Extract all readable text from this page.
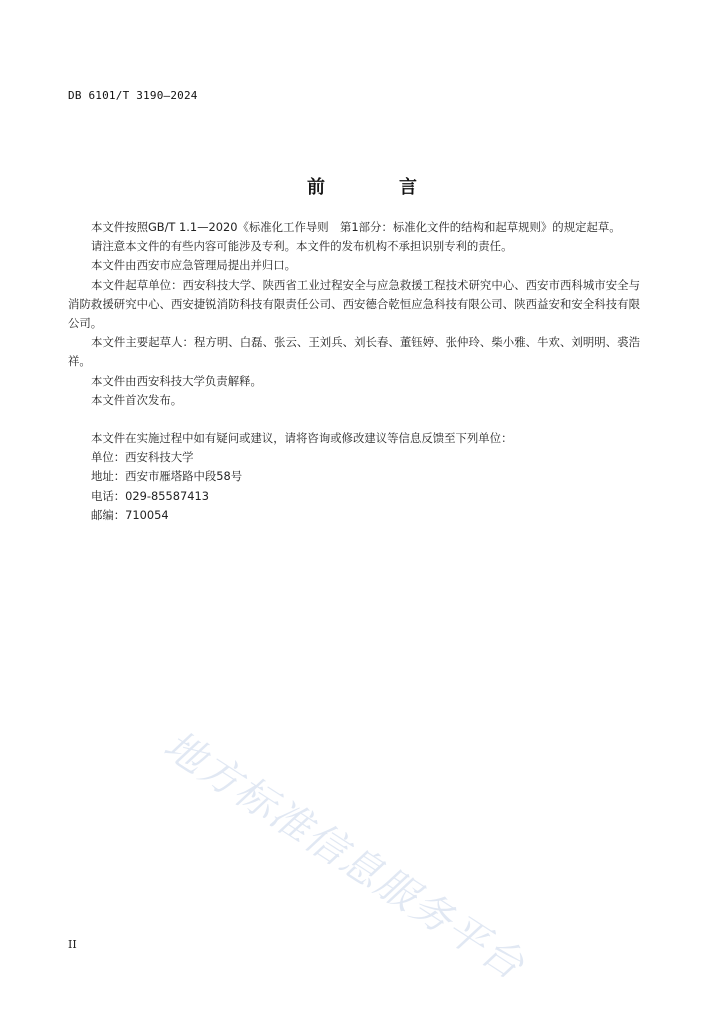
DB 6101/T 3190—2024
前　言

本文件按照GB/T 1.1—2020《标准化工作导则　第1部分：标准化文件的结构和起草规则》的规定起草。

请注意本文件的有些内容可能涉及专利。本文件的发布机构不承担识别专利的责任。

本文件由西安市应急管理局提出并归口。

本文件起草单位：西安科技大学、陕西省工业过程安全与应急救援工程技术研究中心、西安市西科城市安全与消防救援研究中心、西安捷锐消防科技有限责任公司、西安德合乾恒应急科技有限公司、陕西益安和安全科技有限公司。

本文件主要起草人：程方明、白磊、张云、王刘兵、刘长春、董钰婷、张仲玲、柴小雅、牛欢、刘明明、裘浩祥。

本文件由西安科技大学负责解释。

本文件首次发布。

本文件在实施过程中如有疑问或建议，请将咨询或修改建议等信息反馈至下列单位：

单位：西安科技大学

地址：西安市雁塔路中段58号

电话：029-85587413

邮编：710054

地方标准信息服务平台
II
